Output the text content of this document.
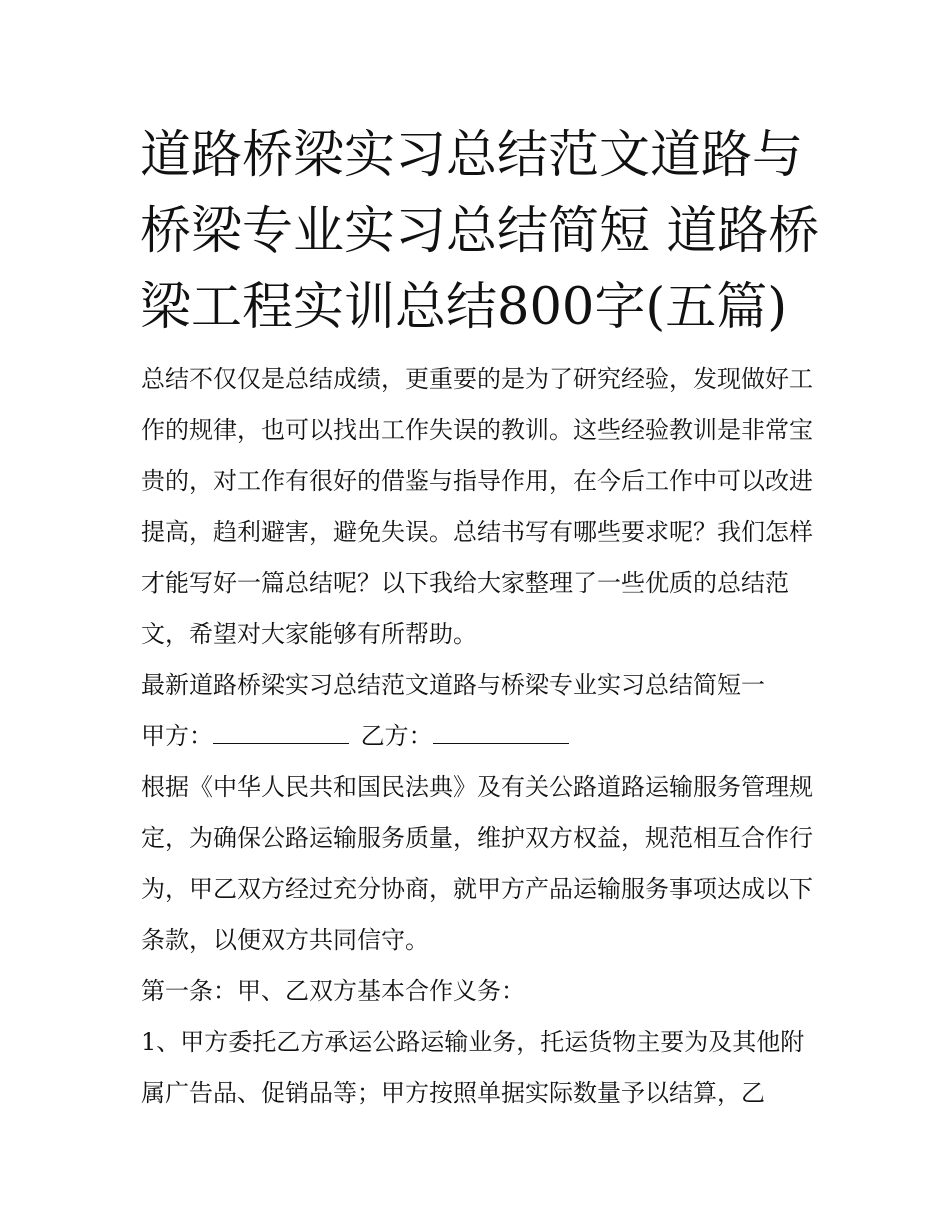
道路桥梁实习总结范文道路与桥梁专业实习总结简短 道路桥梁工程实训总结800字(五篇)

总结不仅仅是总结成绩，更重要的是为了研究经验，发现做好工作的规律，也可以找出工作失误的教训。这些经验教训是非常宝贵的，对工作有很好的借鉴与指导作用，在今后工作中可以改进提高，趋利避害，避免失误。总结书写有哪些要求呢？我们怎样才能写好一篇总结呢？以下我给大家整理了一些优质的总结范文，希望对大家能够有所帮助。

最新道路桥梁实习总结范文道路与桥梁专业实习总结简短一

甲方：	乙方：

根据《中华人民共和国民法典》及有关公路道路运输服务管理规定，为确保公路运输服务质量，维护双方权益，规范相互合作行为，甲乙双方经过充分协商，就甲方产品运输服务事项达成以下条款，以便双方共同信守。

第一条：甲、乙双方基本合作义务：

1、甲方委托乙方承运公路运输业务，托运货物主要为及其他附属广告品、促销品等；甲方按照单据实际数量予以结算，乙
